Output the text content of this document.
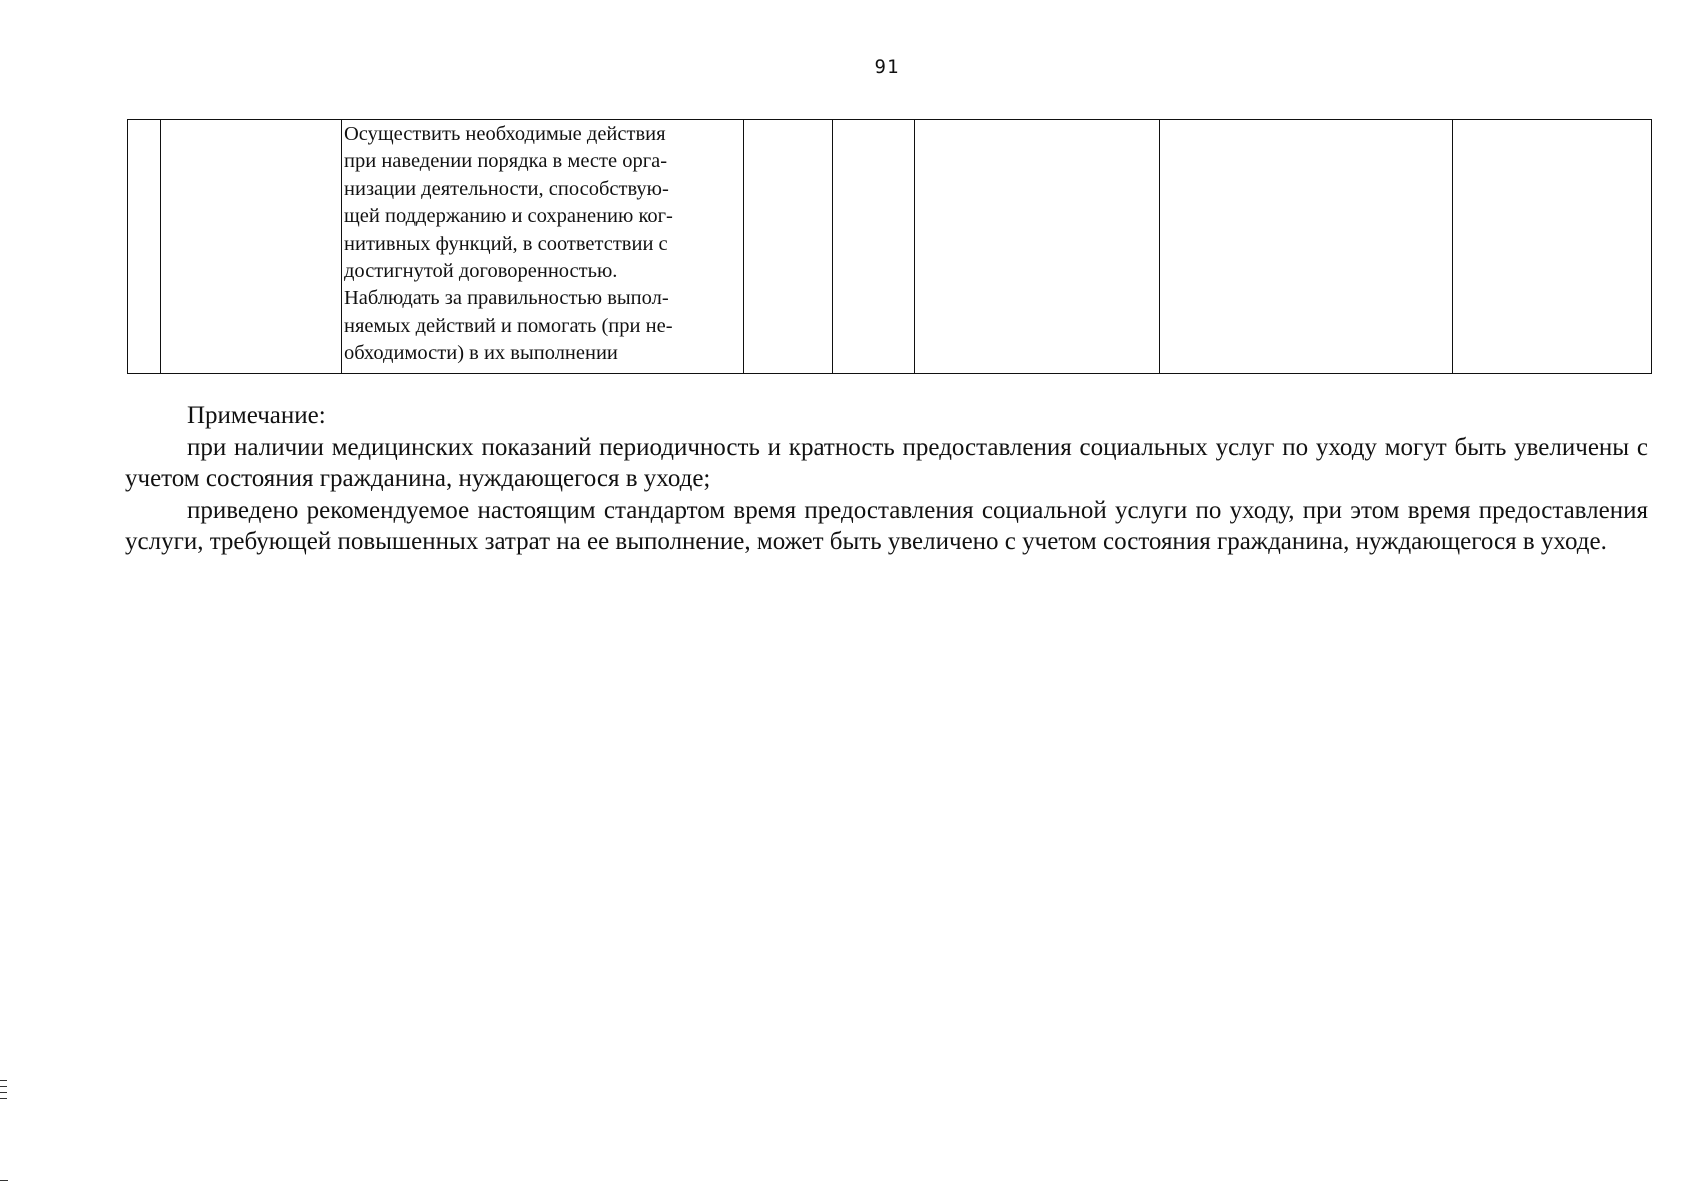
91

Осуществить необходимые действия
при наведении порядка в месте орга-
низации деятельности, способствую-
щей поддержанию и сохранению ког-
нитивных функций, в соответствии с
достигнутой договоренностью.
Наблюдать за правильностью выпол-
няемых действий и помогать (при не-
обходимости) в их выполнении

Примечание:
при наличии медицинских показаний периодичность и кратность предоставления социальных услуг по уходу могут быть увеличены с учетом состояния гражданина, нуждающегося в уходе;
приведено рекомендуемое настоящим стандартом время предоставления социальной услуги по уходу, при этом время предоставления услуги, требующей повышенных затрат на ее выполнение, может быть увеличено с учетом состояния гражданина, нуждающегося в уходе.
